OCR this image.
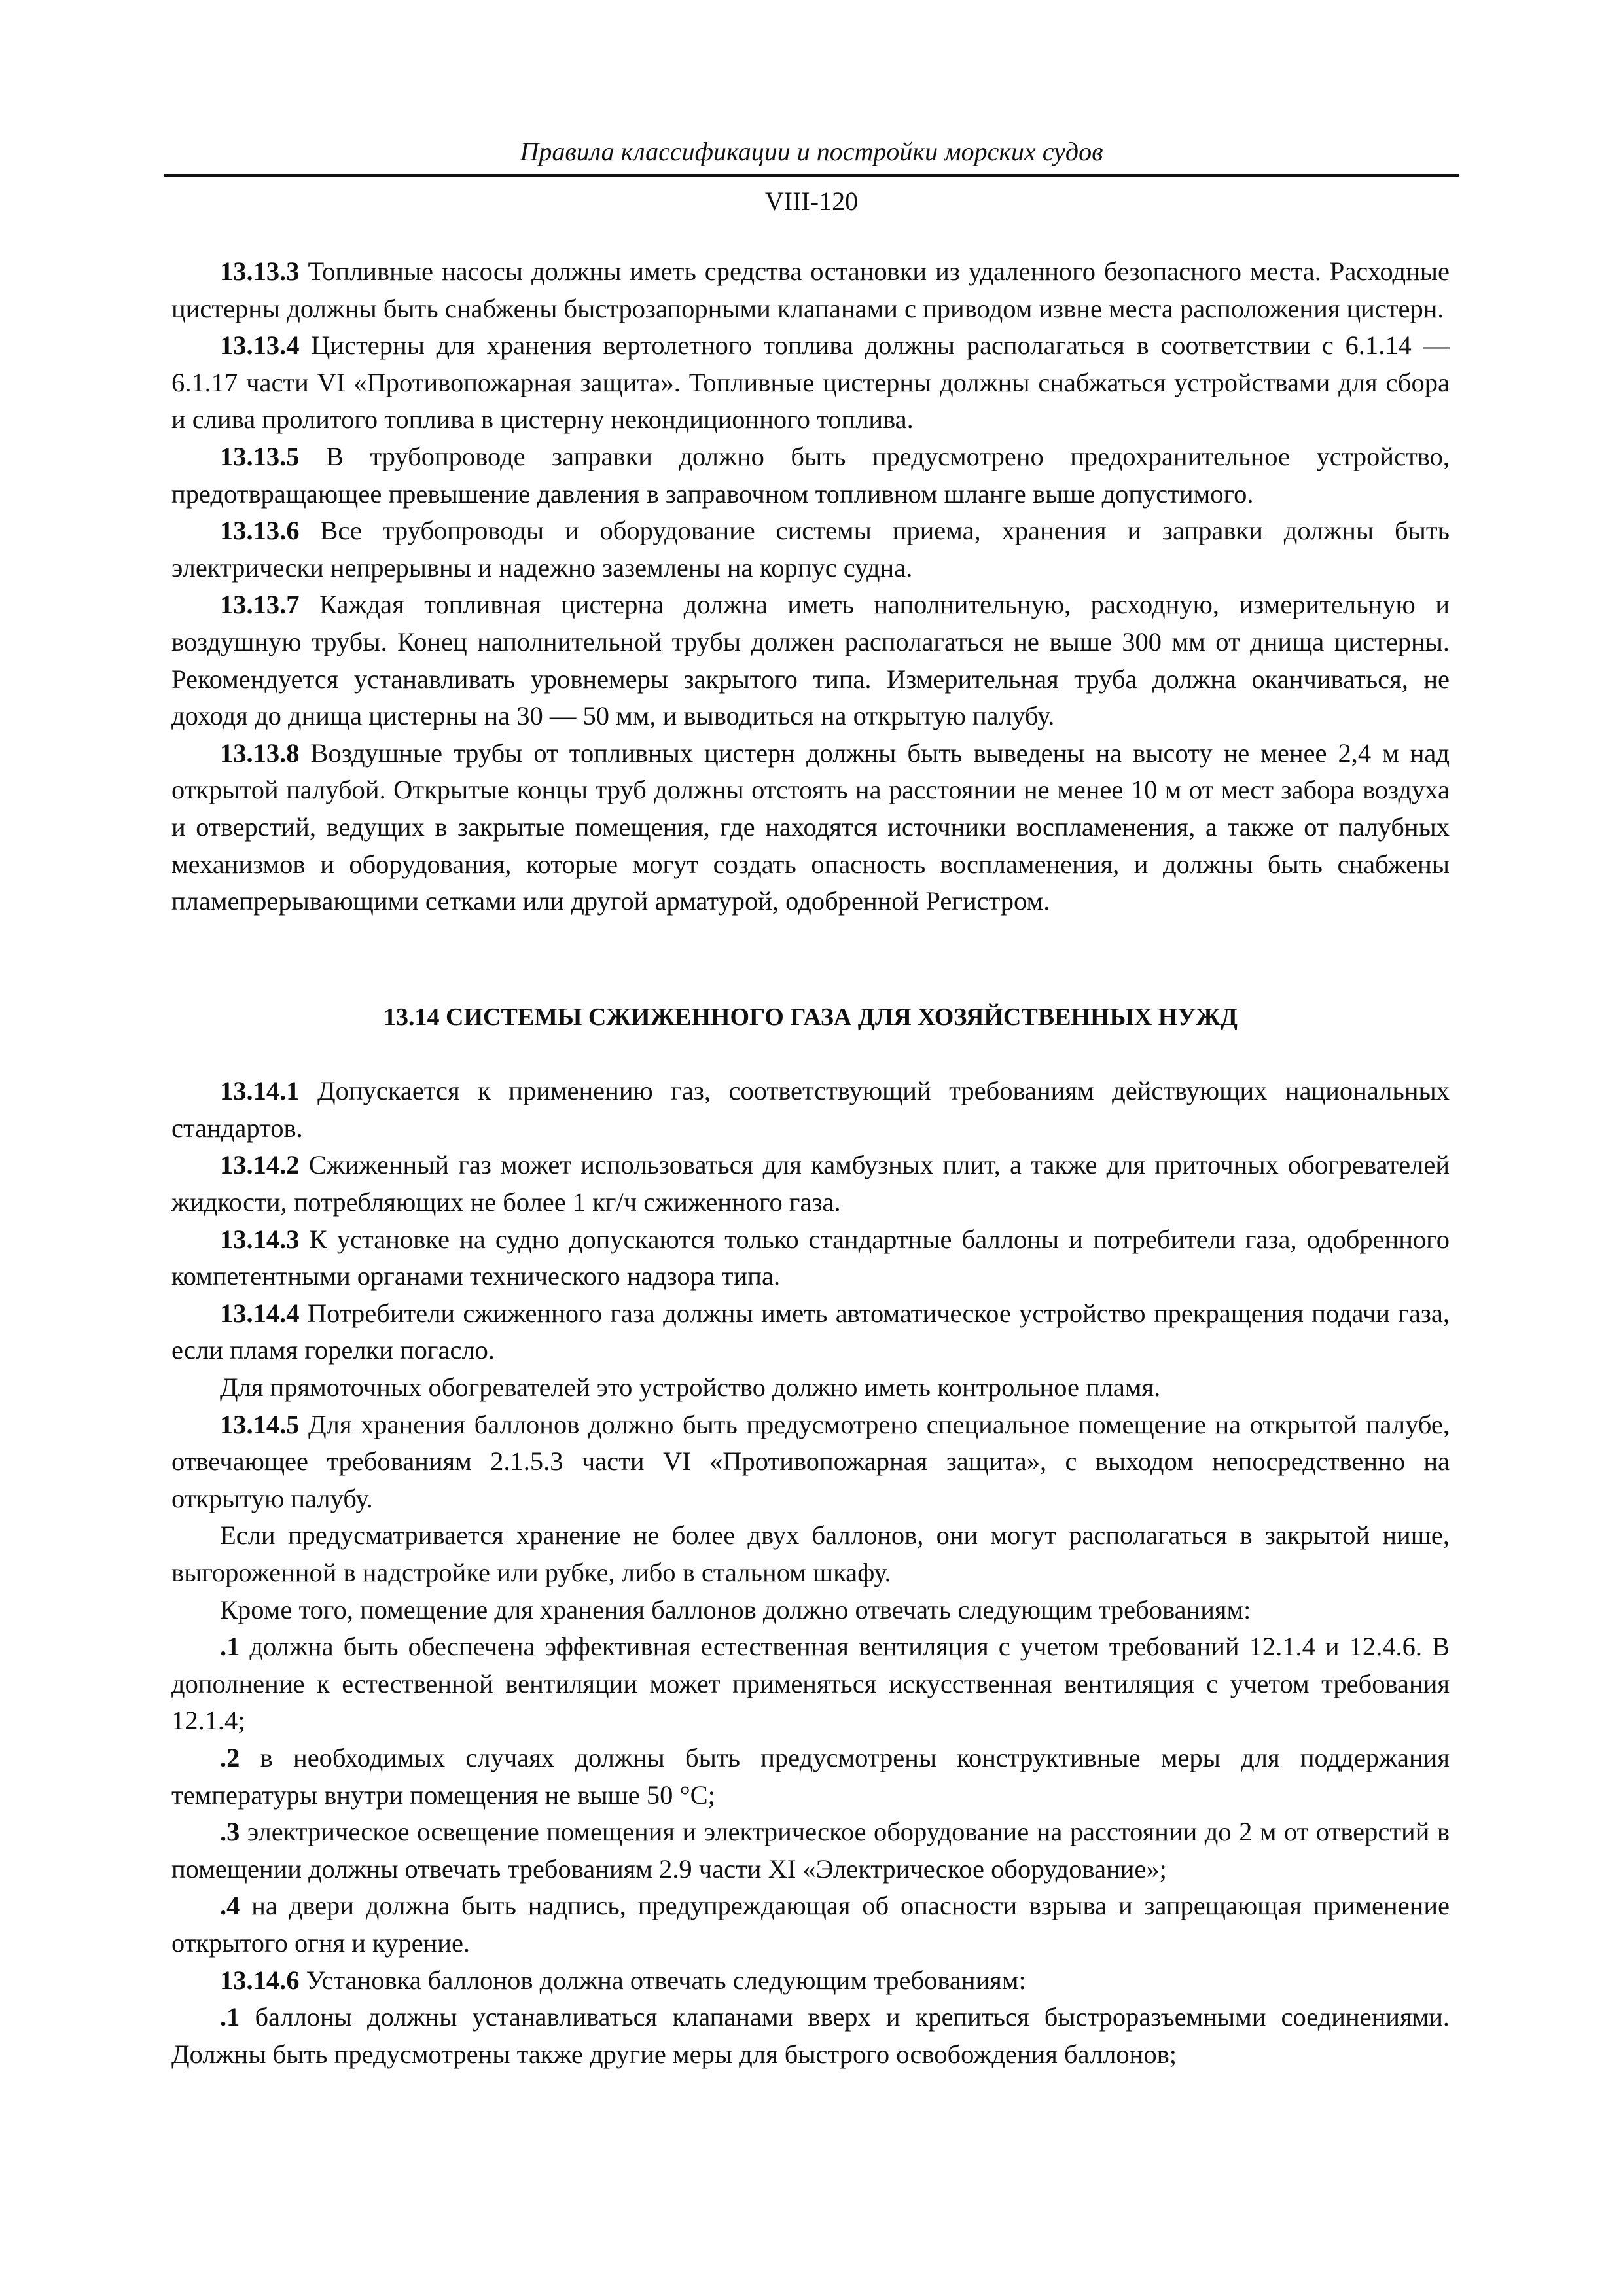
Правила классификации и постройки морских судов
VIII-120

13.13.3 Топливные насосы должны иметь средства остановки из удаленного безопасного места. Расходные цистерны должны быть снабжены быстрозапорными клапанами с приводом извне места расположения цистерн.

13.13.4 Цистерны для хранения вертолетного топлива должны располагаться в соответствии с 6.1.14 — 6.1.17 части VI «Противопожарная защита». Топливные цистерны должны снабжаться устройствами для сбора и слива пролитого топлива в цистерну некондиционного топлива.

13.13.5 В трубопроводе заправки должно быть предусмотрено предохранительное устройство, предотвращающее превышение давления в заправочном топливном шланге выше допустимого.

13.13.6 Все трубопроводы и оборудование системы приема, хранения и заправки должны быть электрически непрерывны и надежно заземлены на корпус судна.

13.13.7 Каждая топливная цистерна должна иметь наполнительную, расходную, измерительную и воздушную трубы. Конец наполнительной трубы должен располагаться не выше 300 мм от днища цистерны. Рекомендуется устанавливать уровнемеры закрытого типа. Измерительная труба должна оканчиваться, не доходя до днища цистерны на 30 — 50 мм, и выводиться на открытую палубу.

13.13.8 Воздушные трубы от топливных цистерн должны быть выведены на высоту не менее 2,4 м над открытой палубой. Открытые концы труб должны отстоять на расстоянии не менее 10 м от мест забора воздуха и отверстий, ведущих в закрытые помещения, где находятся источники воспламенения, а также от палубных механизмов и оборудования, которые могут создать опасность воспламенения, и должны быть снабжены пламепрерывающими сетками или другой арматурой, одобренной Регистром.

13.14 СИСТЕМЫ СЖИЖЕННОГО ГАЗА ДЛЯ ХОЗЯЙСТВЕННЫХ НУЖД

13.14.1 Допускается к применению газ, соответствующий требованиям действующих национальных стандартов.

13.14.2 Сжиженный газ может использоваться для камбузных плит, а также для приточных обогревателей жидкости, потребляющих не более 1 кг/ч сжиженного газа.

13.14.3 К установке на судно допускаются только стандартные баллоны и потребители газа, одобренного компетентными органами технического надзора типа.

13.14.4 Потребители сжиженного газа должны иметь автоматическое устройство прекращения подачи газа, если пламя горелки погасло.

Для прямоточных обогревателей это устройство должно иметь контрольное пламя.

13.14.5 Для хранения баллонов должно быть предусмотрено специальное помещение на открытой палубе, отвечающее требованиям 2.1.5.3 части VI «Противопожарная защита», с выходом непосредственно на открытую палубу.

Если предусматривается хранение не более двух баллонов, они могут располагаться в закрытой нише, выгороженной в надстройке или рубке, либо в стальном шкафу.

Кроме того, помещение для хранения баллонов должно отвечать следующим требованиям:

.1 должна быть обеспечена эффективная естественная вентиляция с учетом требований 12.1.4 и 12.4.6. В дополнение к естественной вентиляции может применяться искусственная вентиляция с учетом требования 12.1.4;

.2 в необходимых случаях должны быть предусмотрены конструктивные меры для поддержания температуры внутри помещения не выше 50 °С;

.3 электрическое освещение помещения и электрическое оборудование на расстоянии до 2 м от отверстий в помещении должны отвечать требованиям 2.9 части XI «Электрическое оборудование»;

.4 на двери должна быть надпись, предупреждающая об опасности взрыва и запрещающая применение открытого огня и курение.

13.14.6 Установка баллонов должна отвечать следующим требованиям:

.1 баллоны должны устанавливаться клапанами вверх и крепиться быстроразъемными соединениями. Должны быть предусмотрены также другие меры для быстрого освобождения баллонов;
